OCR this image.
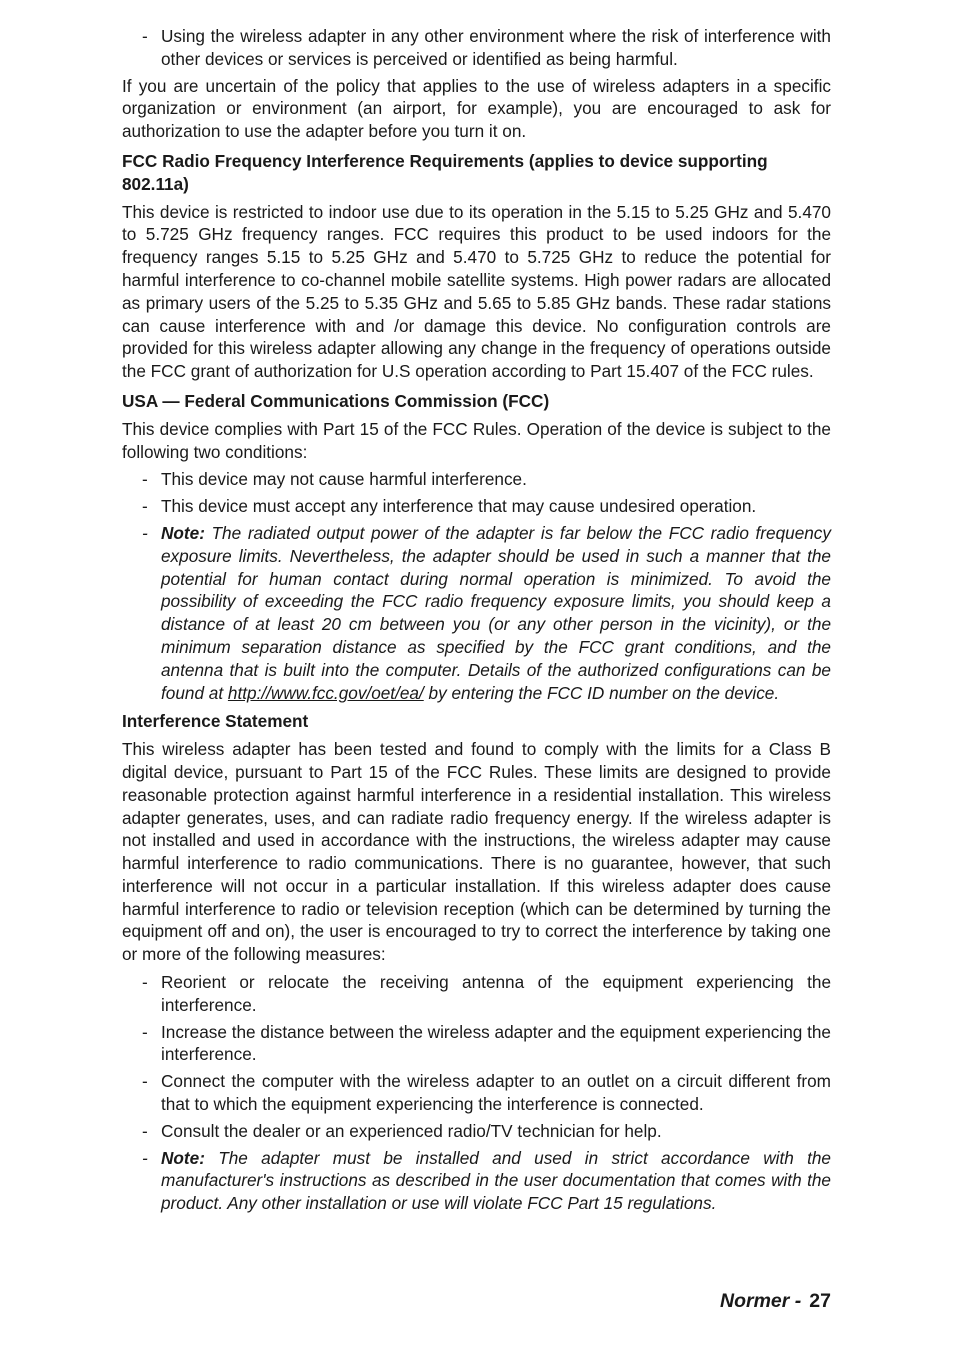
- Using the wireless adapter in any other environment where the risk of interference with other devices or services is perceived or identified as being harmful.

If you are uncertain of the policy that applies to the use of wireless adapters in a specific organization or environment (an airport, for example), you are encouraged to ask for authorization to use the adapter before you turn it on.

FCC Radio Frequency Interference Requirements (applies to device supporting 802.11a)

This device is restricted to indoor use due to its operation in the 5.15 to 5.25 GHz and 5.470 to 5.725 GHz frequency ranges. FCC requires this product to be used indoors for the frequency ranges 5.15 to 5.25 GHz and 5.470 to 5.725 GHz to reduce the potential for harmful interference to co-channel mobile satellite systems. High power radars are allocated as primary users of the 5.25 to 5.35 GHz and 5.65 to 5.85 GHz bands. These radar stations can cause interference with and /or damage this device. No configuration controls are provided for this wireless adapter allowing any change in the frequency of operations outside the FCC grant of authorization for U.S operation according to Part 15.407 of the FCC rules.

USA — Federal Communications Commission (FCC)

This device complies with Part 15 of the FCC Rules. Operation of the device is subject to the following two conditions:

- This device may not cause harmful interference.

- This device must accept any interference that may cause undesired operation.

- Note: The radiated output power of the adapter is far below the FCC radio frequency exposure limits. Nevertheless, the adapter should be used in such a manner that the potential for human contact during normal operation is minimized. To avoid the possibility of exceeding the FCC radio frequency exposure limits, you should keep a distance of at least 20 cm between you (or any other person in the vicinity), or the minimum separation distance as specified by the FCC grant conditions, and the antenna that is built into the computer. Details of the authorized configurations can be found at http://www.fcc.gov/oet/ea/ by entering the FCC ID number on the device.

Interference Statement

This wireless adapter has been tested and found to comply with the limits for a Class B digital device, pursuant to Part 15 of the FCC Rules. These limits are designed to provide reasonable protection against harmful interference in a residential installation. This wireless adapter generates, uses, and can radiate radio frequency energy. If the wireless adapter is not installed and used in accordance with the instructions, the wireless adapter may cause harmful interference to radio communications. There is no guarantee, however, that such interference will not occur in a particular installation. If this wireless adapter does cause harmful interference to radio or television reception (which can be determined by turning the equipment off and on), the user is encouraged to try to correct the interference by taking one or more of the following measures:

- Reorient or relocate the receiving antenna of the equipment experiencing the interference.

- Increase the distance between the wireless adapter and the equipment experiencing the interference.

- Connect the computer with the wireless adapter to an outlet on a circuit different from that to which the equipment experiencing the interference is connected.

- Consult the dealer or an experienced radio/TV technician for help.

- Note: The adapter must be installed and used in strict accordance with the manufacturer's instructions as described in the user documentation that comes with the product. Any other installation or use will violate FCC Part 15 regulations.

Normer - 27
